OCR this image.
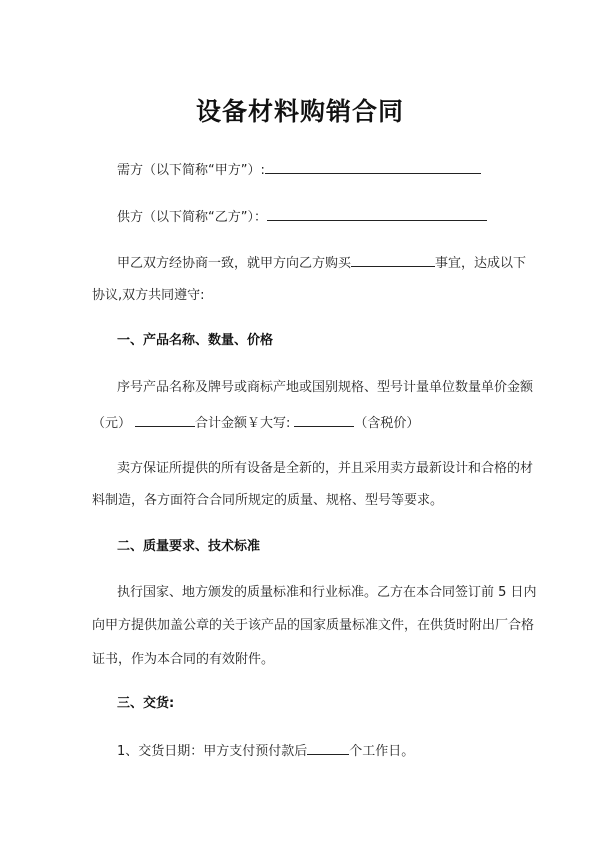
设备材料购销合同
需方（以下简称“甲方”）:
供方（以下简称“乙方”）：
甲乙双方经协商一致，就甲方向乙方购买	事宜，达成以下
协议,双方共同遵守:
一、产品名称、数量、价格
序号产品名称及牌号或商标产地或国别规格、型号计量单位数量单价金额
（元）	合计金额￥大写:	（含税价）
卖方保证所提供的所有设备是全新的，并且采用卖方最新设计和合格的材
料制造，各方面符合合同所规定的质量、规格、型号等要求。
二、质量要求、技术标准
执行国家、地方颁发的质量标准和行业标准。乙方在本合同签订前 5 日内
向甲方提供加盖公章的关于该产品的国家质量标准文件，在供货时附出厂合格
证书，作为本合同的有效附件。
三、交货:
1、交货日期：甲方支付预付款后	个工作日。
